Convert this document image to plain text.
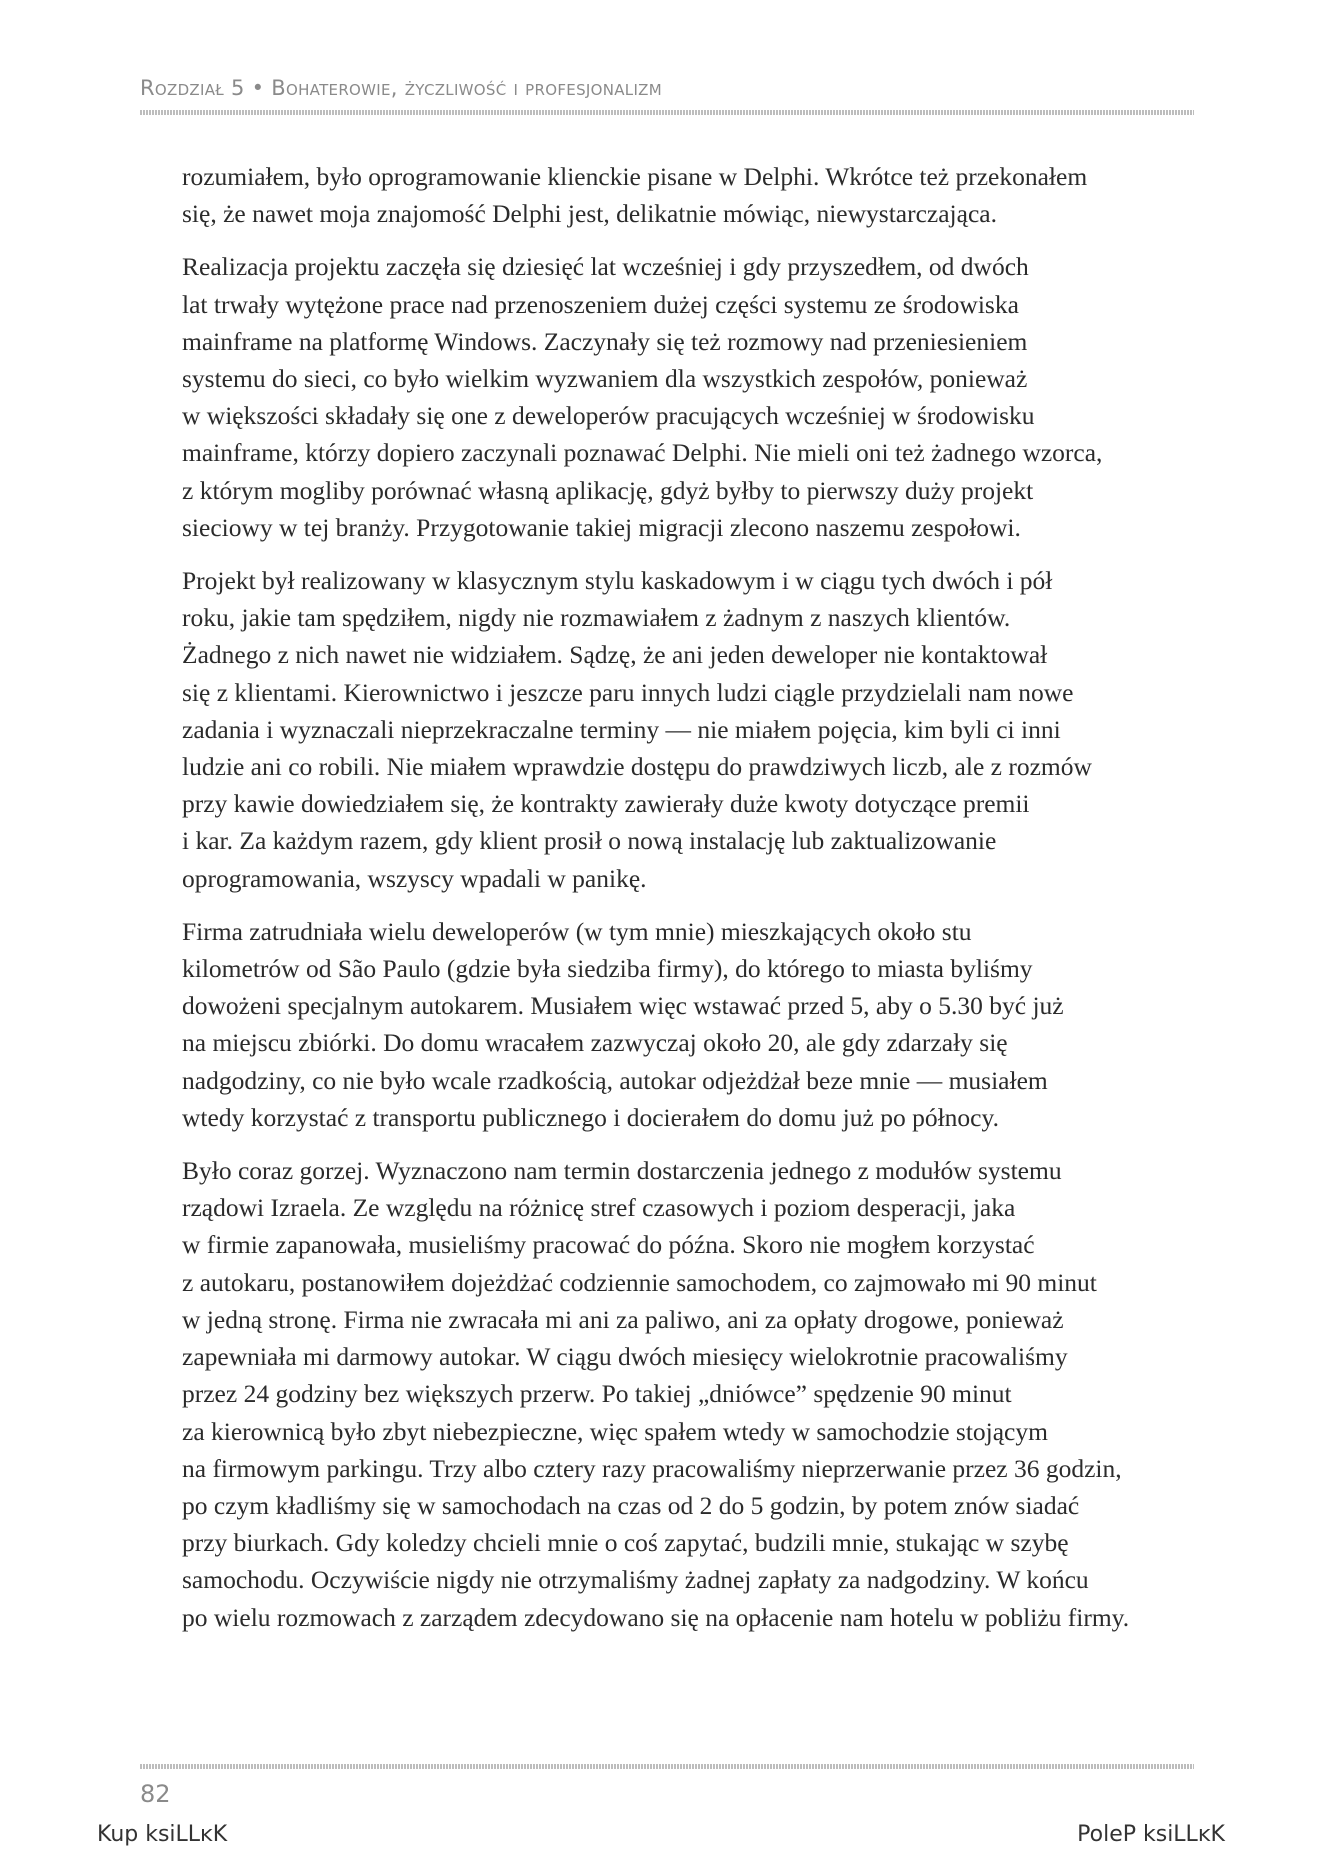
Rozdział 5 • Bohaterowie, życzliwość i profesjonalizm

rozumiałem, było oprogramowanie klienckie pisane w Delphi. Wkrótce też przekonałem
się, że nawet moja znajomość Delphi jest, delikatnie mówiąc, niewystarczająca.

Realizacja projektu zaczęła się dziesięć lat wcześniej i gdy przyszedłem, od dwóch
lat trwały wytężone prace nad przenoszeniem dużej części systemu ze środowiska
mainframe na platformę Windows. Zaczynały się też rozmowy nad przeniesieniem
systemu do sieci, co było wielkim wyzwaniem dla wszystkich zespołów, ponieważ
w większości składały się one z deweloperów pracujących wcześniej w środowisku
mainframe, którzy dopiero zaczynali poznawać Delphi. Nie mieli oni też żadnego wzorca,
z którym mogliby porównać własną aplikację, gdyż byłby to pierwszy duży projekt
sieciowy w tej branży. Przygotowanie takiej migracji zlecono naszemu zespołowi.

Projekt był realizowany w klasycznym stylu kaskadowym i w ciągu tych dwóch i pół
roku, jakie tam spędziłem, nigdy nie rozmawiałem z żadnym z naszych klientów.
Żadnego z nich nawet nie widziałem. Sądzę, że ani jeden deweloper nie kontaktował
się z klientami. Kierownictwo i jeszcze paru innych ludzi ciągle przydzielali nam nowe
zadania i wyznaczali nieprzekraczalne terminy — nie miałem pojęcia, kim byli ci inni
ludzie ani co robili. Nie miałem wprawdzie dostępu do prawdziwych liczb, ale z rozmów
przy kawie dowiedziałem się, że kontrakty zawierały duże kwoty dotyczące premii
i kar. Za każdym razem, gdy klient prosił o nową instalację lub zaktualizowanie
oprogramowania, wszyscy wpadali w panikę.

Firma zatrudniała wielu deweloperów (w tym mnie) mieszkających około stu
kilometrów od São Paulo (gdzie była siedziba firmy), do którego to miasta byliśmy
dowożeni specjalnym autokarem. Musiałem więc wstawać przed 5, aby o 5.30 być już
na miejscu zbiórki. Do domu wracałem zazwyczaj około 20, ale gdy zdarzały się
nadgodziny, co nie było wcale rzadkością, autokar odjeżdżał beze mnie — musiałem
wtedy korzystać z transportu publicznego i docierałem do domu już po północy.

Było coraz gorzej. Wyznaczono nam termin dostarczenia jednego z modułów systemu
rządowi Izraela. Ze względu na różnicę stref czasowych i poziom desperacji, jaka
w firmie zapanowała, musieliśmy pracować do późna. Skoro nie mogłem korzystać
z autokaru, postanowiłem dojeżdżać codziennie samochodem, co zajmowało mi 90 minut
w jedną stronę. Firma nie zwracała mi ani za paliwo, ani za opłaty drogowe, ponieważ
zapewniała mi darmowy autokar. W ciągu dwóch miesięcy wielokrotnie pracowaliśmy
przez 24 godziny bez większych przerw. Po takiej „dniówce” spędzenie 90 minut
za kierownicą było zbyt niebezpieczne, więc spałem wtedy w samochodzie stojącym
na firmowym parkingu. Trzy albo cztery razy pracowaliśmy nieprzerwanie przez 36 godzin,
po czym kładliśmy się w samochodach na czas od 2 do 5 godzin, by potem znów siadać
przy biurkach. Gdy koledzy chcieli mnie o coś zapytać, budzili mnie, stukając w szybę
samochodu. Oczywiście nigdy nie otrzymaliśmy żadnej zapłaty za nadgodziny. W końcu
po wielu rozmowach z zarządem zdecydowano się na opłacenie nam hotelu w pobliżu firmy.

82
Kup ksiLLĸK	PoleP ksiLLĸK
